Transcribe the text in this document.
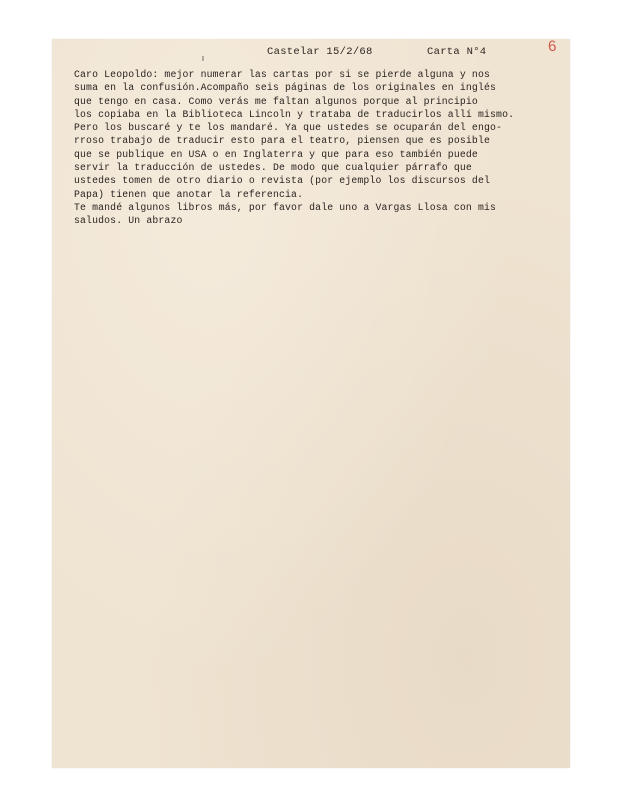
Castelar 15/2/68	Carta N°4	6
Caro Leopoldo: mejor numerar las cartas por si se pierde alguna y nos
suma en la confusión.Acompaño seis páginas de los originales en inglés
que tengo en casa. Como verás me faltan algunos porque al principio
los copiaba en la Biblioteca Lincoln y trataba de traducirlos allí mismo.
Pero los buscaré y te los mandaré. Ya que ustedes se ocuparán del engo-
rroso trabajo de traducir esto para el teatro, piensen que es posible
que se publique en USA o en Inglaterra y que para eso también puede
servir la traducción de ustedes. De modo que cualquier párrafo que
ustedes tomen de otro diario o revista (por ejemplo los discursos del
Papa) tienen que anotar la referencia.
Te mandé algunos libros más, por favor dale uno a Vargas Llosa con mis
saludos. Un abrazo
